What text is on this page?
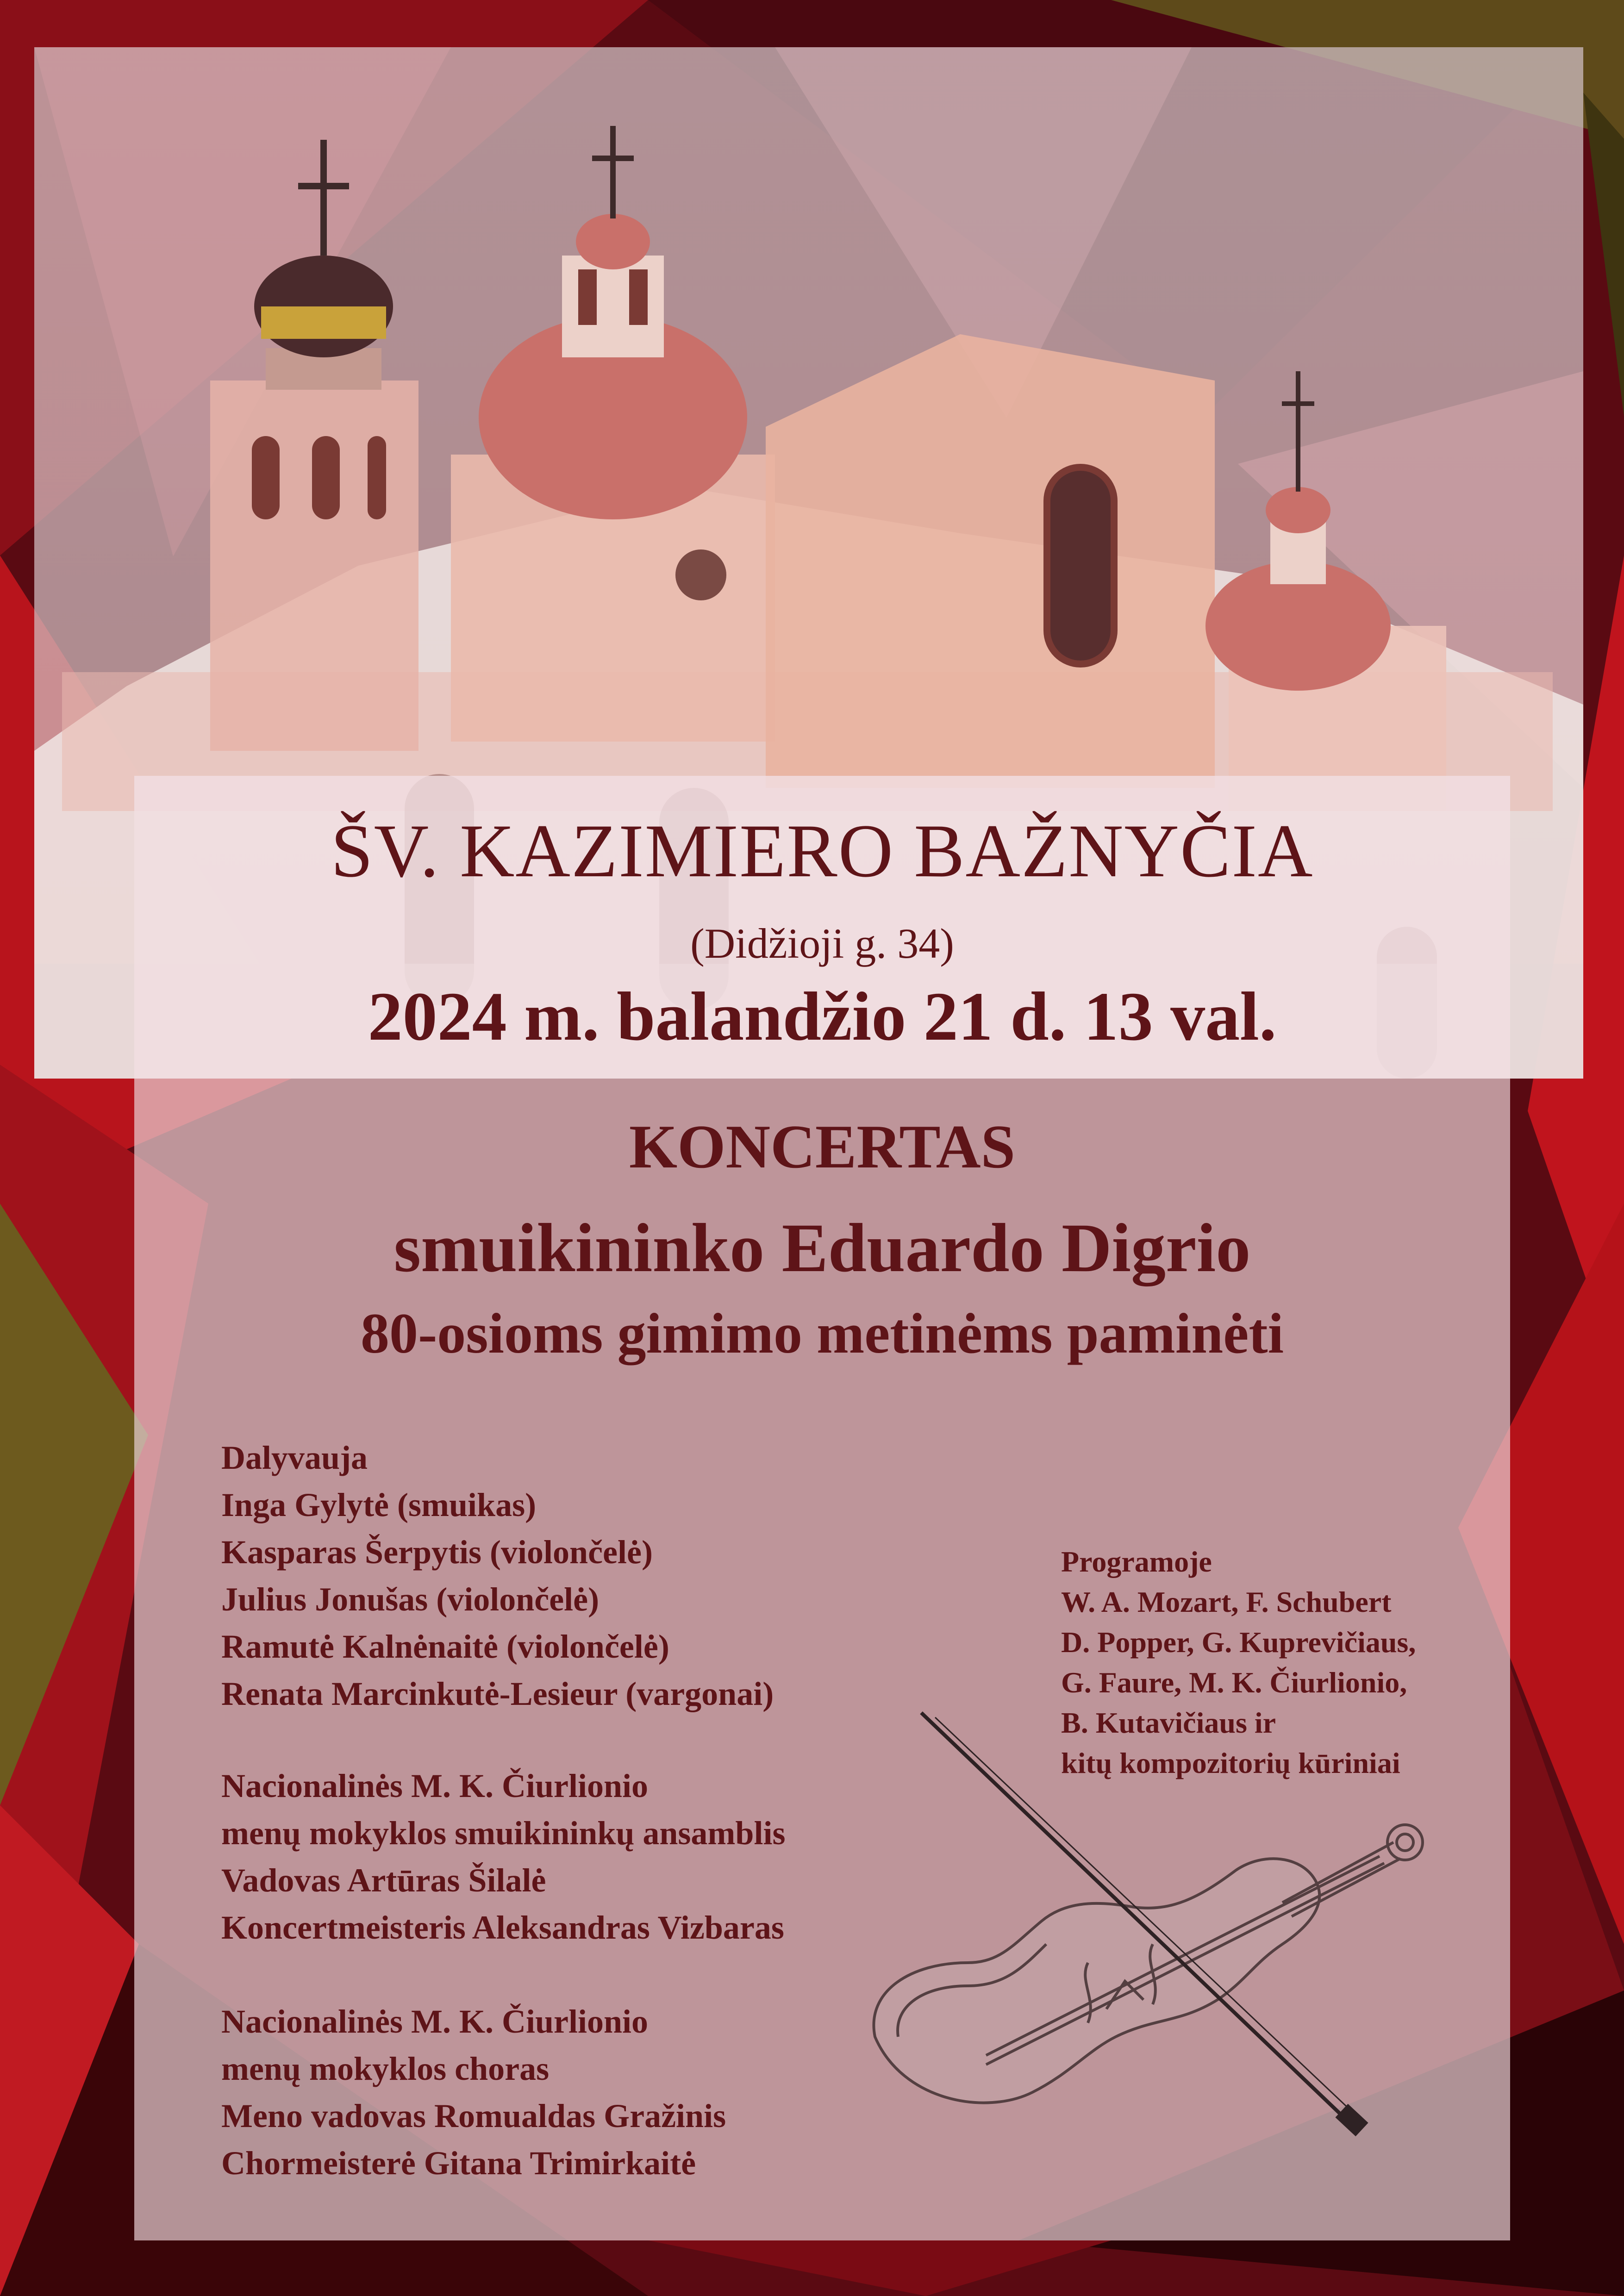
ŠV. KAZIMIERO BAŽNYČIA
(Didžioji g. 34)
2024 m. balandžio 21 d. 13 val.
KONCERTAS
smuikininko Eduardo Digrio
80-osioms gimimo metinėms paminėti
Dalyvauja
Inga Gylytė (smuikas)
Kasparas Šerpytis (violončelė)
Julius Jonušas (violončelė)
Ramutė Kalnėnaitė (violončelė)
Renata Marcinkutė-Lesieur (vargonai)
Nacionalinės M. K. Čiurlionio
menų mokyklos smuikininkų ansamblis
Vadovas Artūras Šilalė
Koncertmeisteris Aleksandras Vizbaras
Nacionalinės M. K. Čiurlionio
menų mokyklos choras
Meno vadovas Romualdas Gražinis
Chormeisterė Gitana Trimirkaitė
Programoje
W. A. Mozart, F. Schubert
D. Popper, G. Kuprevičiaus,
G. Faure, M. K. Čiurlionio,
B. Kutavičiaus ir
kitų kompozitorių kūriniai
